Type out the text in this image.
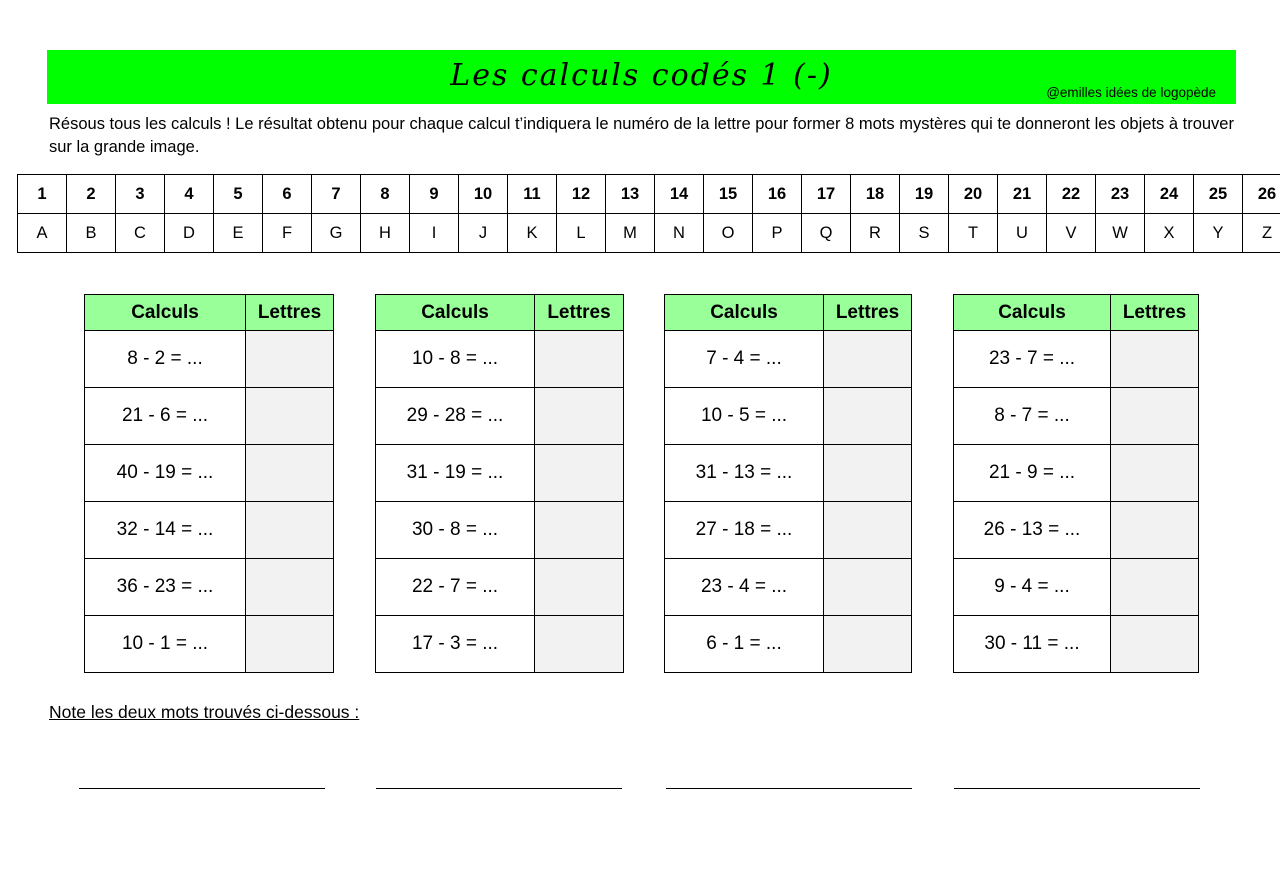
Les calculs codés 1 (-)	@emilles idées de logopède
Résous tous les calculs ! Le résultat obtenu pour chaque calcul t’indiquera le numéro de la lettre pour former 8 mots mystères qui te donneront les objets à trouver sur la grande image.
1	2	3	4	5	6	7	8	9	10	11	12	13	14	15	16	17	18	19	20	21	22	23	24	25	26
A	B	C	D	E	F	G	H	I	J	K	L	M	N	O	P	Q	R	S	T	U	V	W	X	Y	Z
Calculs	Lettres
8 - 2 = ...	
21 - 6 = ...	
40 - 19 = ...	
32 - 14 = ...	
36 - 23 = ...	
10 - 1 = ...	
Calculs	Lettres
10 - 8 = ...	
29 - 28 = ...	
31 - 19 = ...	
30 - 8 = ...	
22 - 7 = ...	
17 - 3 = ...	
Calculs	Lettres
7 - 4 = ...	
10 - 5 = ...	
31 - 13 = ...	
27 - 18 = ...	
23 - 4 = ...	
6 - 1 = ...	
Calculs	Lettres
23 - 7 = ...	
8 - 7 = ...	
21 - 9 = ...	
26 - 13 = ...	
9 - 4 = ...	
30 - 11 = ...	
Note les deux mots trouvés ci-dessous :
